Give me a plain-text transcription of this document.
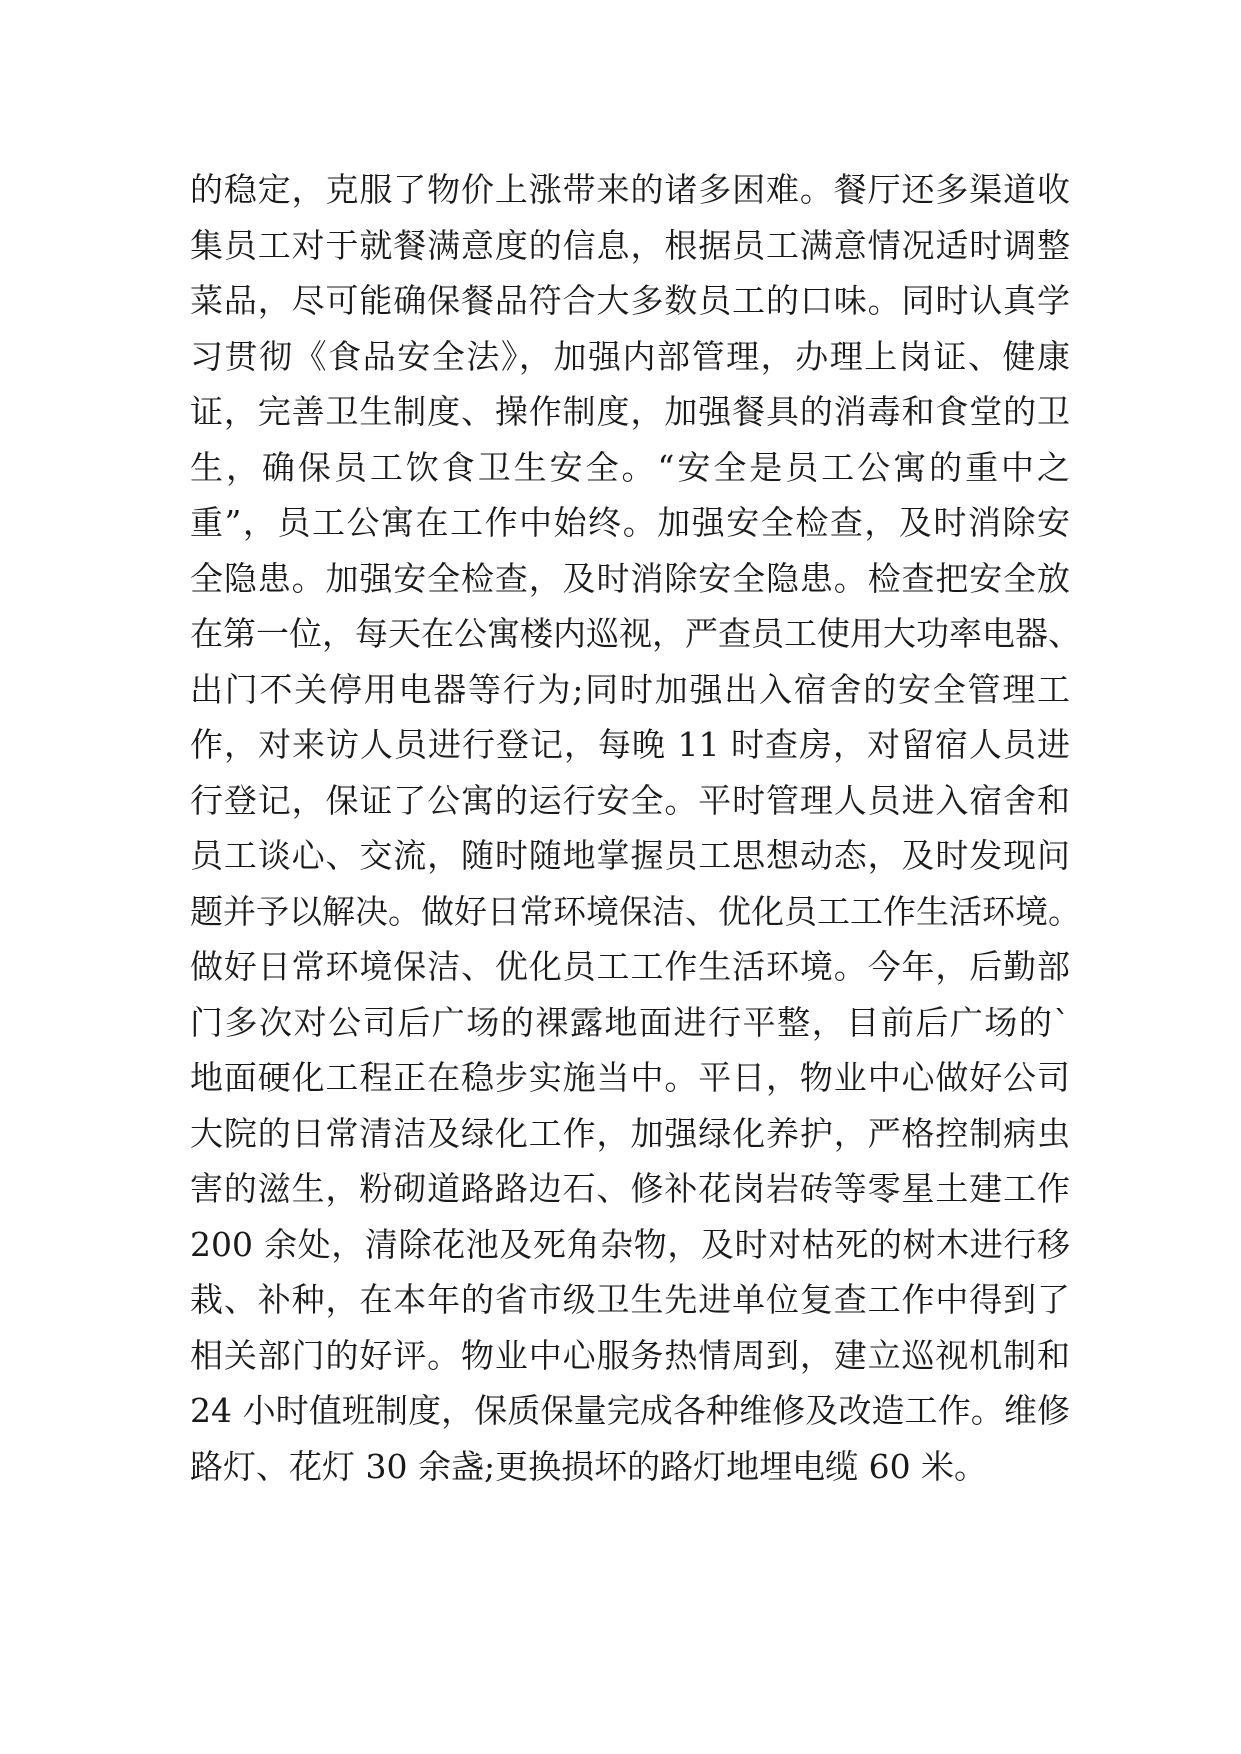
的稳定，克服了物价上涨带来的诸多困难。餐厅还多渠道收
集员工对于就餐满意度的信息，根据员工满意情况适时调整
菜品，尽可能确保餐品符合大多数员工的口味。同时认真学
习贯彻《食品安全法》，加强内部管理，办理上岗证、健康
证，完善卫生制度、操作制度，加强餐具的消毒和食堂的卫
生，确保员工饮食卫生安全。“安全是员工公寓的重中之
重”，员工公寓在工作中始终。加强安全检查，及时消除安
全隐患。加强安全检查，及时消除安全隐患。检查把安全放
在第一位，每天在公寓楼内巡视，严查员工使用大功率电器、
出门不关停用电器等行为;同时加强出入宿舍的安全管理工
作，对来访人员进行登记，每晚 11 时查房，对留宿人员进
行登记，保证了公寓的运行安全。平时管理人员进入宿舍和
员工谈心、交流，随时随地掌握员工思想动态，及时发现问
题并予以解决。做好日常环境保洁、优化员工工作生活环境。
做好日常环境保洁、优化员工工作生活环境。今年，后勤部
门多次对公司后广场的裸露地面进行平整，目前后广场的`
地面硬化工程正在稳步实施当中。平日，物业中心做好公司
大院的日常清洁及绿化工作，加强绿化养护，严格控制病虫
害的滋生，粉砌道路路边石、修补花岗岩砖等零星土建工作
200 余处，清除花池及死角杂物，及时对枯死的树木进行移
栽、补种，在本年的省市级卫生先进单位复查工作中得到了
相关部门的好评。物业中心服务热情周到，建立巡视机制和
24 小时值班制度，保质保量完成各种维修及改造工作。维修
路灯、花灯 30 余盏;更换损坏的路灯地埋电缆 60 米。
